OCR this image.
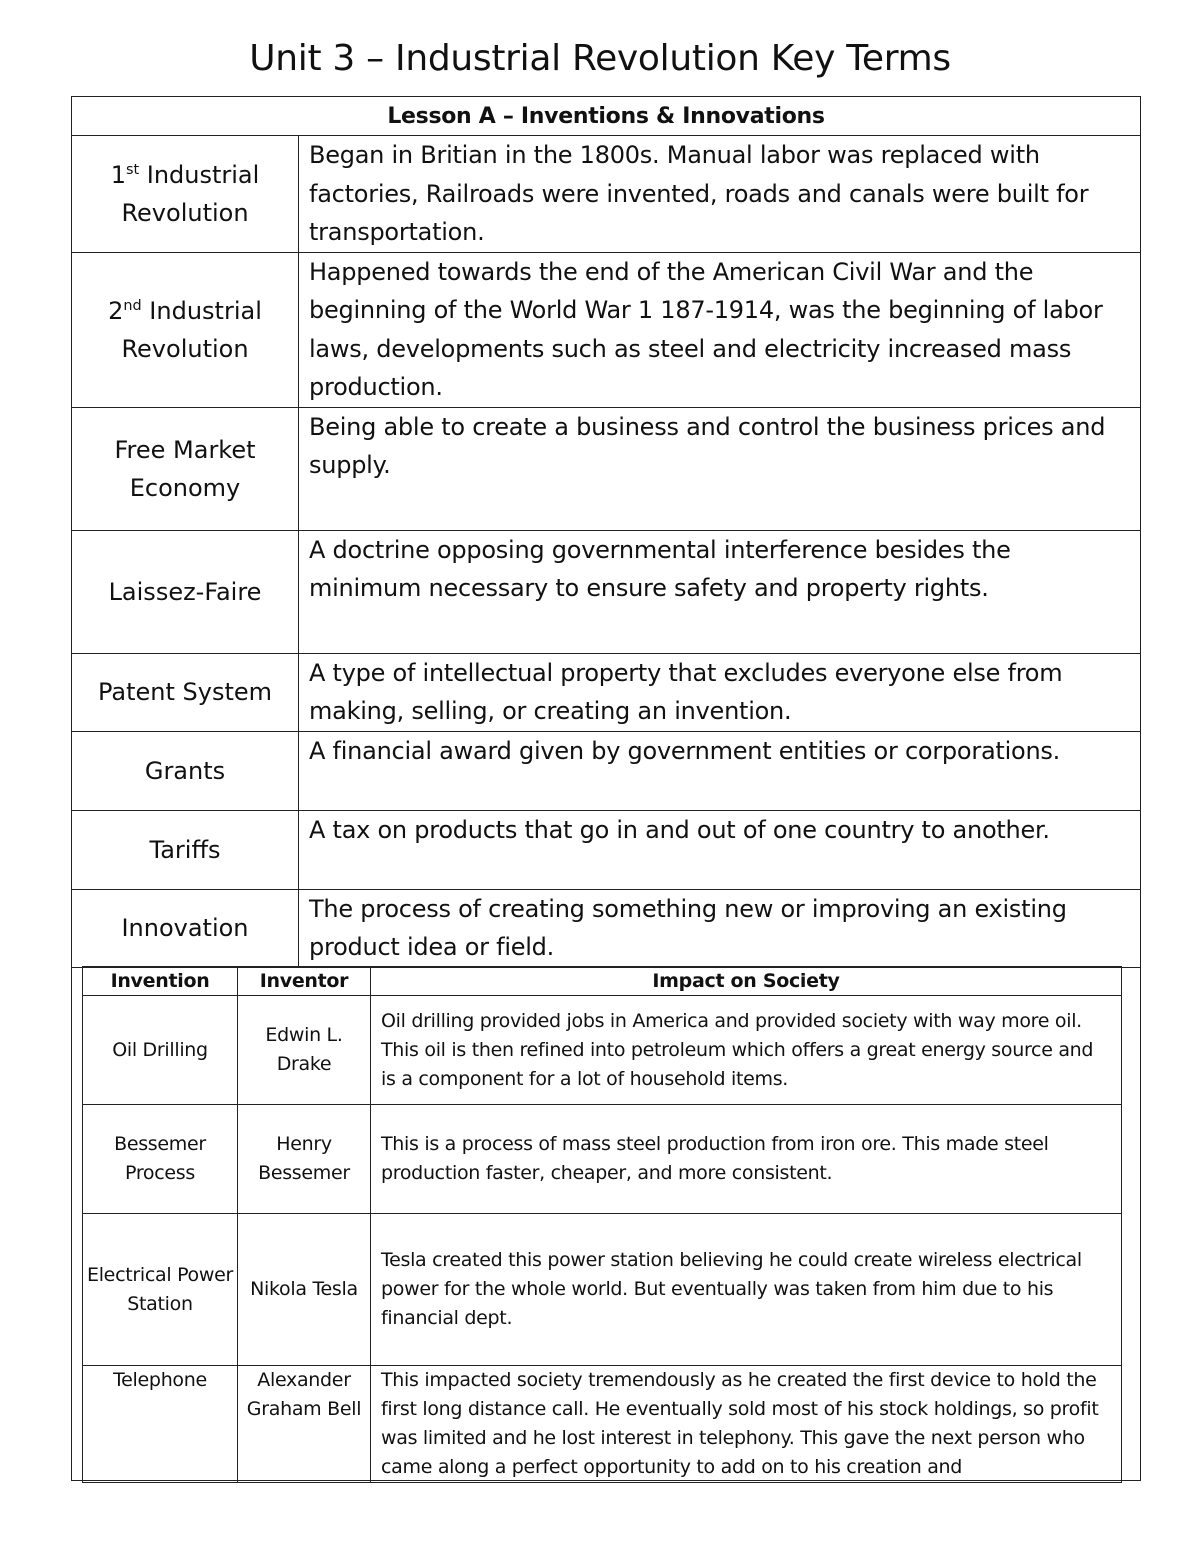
Unit 3 – Industrial Revolution Key Terms
Lesson A – Inventions & Innovations	
1st Industrial Revolution	Began in Britian in the 1800s. Manual labor was replaced with factories, Railroads were invented, roads and canals were built for transportation.
2nd Industrial Revolution	Happened towards the end of the American Civil War and the beginning of the World War 1 187-1914, was the beginning of labor laws, developments such as steel and electricity increased mass production.
Free Market Economy	Being able to create a business and control the business prices and supply.
Laissez-Faire	A doctrine opposing governmental interference besides the minimum necessary to ensure safety and property rights.
Patent System	A type of intellectual property that excludes everyone else from making, selling, or creating an invention.
Grants	A financial award given by government entities or corporations.
Tariffs	A tax on products that go in and out of one country to another.
Innovation	The process of creating something new or improving an existing product idea or field.
Invention	Inventor	Impact on Society
Oil Drilling	Edwin L. Drake	Oil drilling provided jobs in America and provided society with way more oil. This oil is then refined into petroleum which offers a great energy source and is a component for a lot of household items.
Bessemer Process	Henry Bessemer	This is a process of mass steel production from iron ore. This made steel production faster, cheaper, and more consistent.
Electrical Power Station	Nikola Tesla	Tesla created this power station believing he could create wireless electrical power for the whole world. But eventually was taken from him due to his financial dept.
Telephone	Alexander Graham Bell	This impacted society tremendously as he created the first device to hold the first long distance call. He eventually sold most of his stock holdings, so profit was limited and he lost interest in telephony. This gave the next person who came along a perfect opportunity to add on to his creation and
